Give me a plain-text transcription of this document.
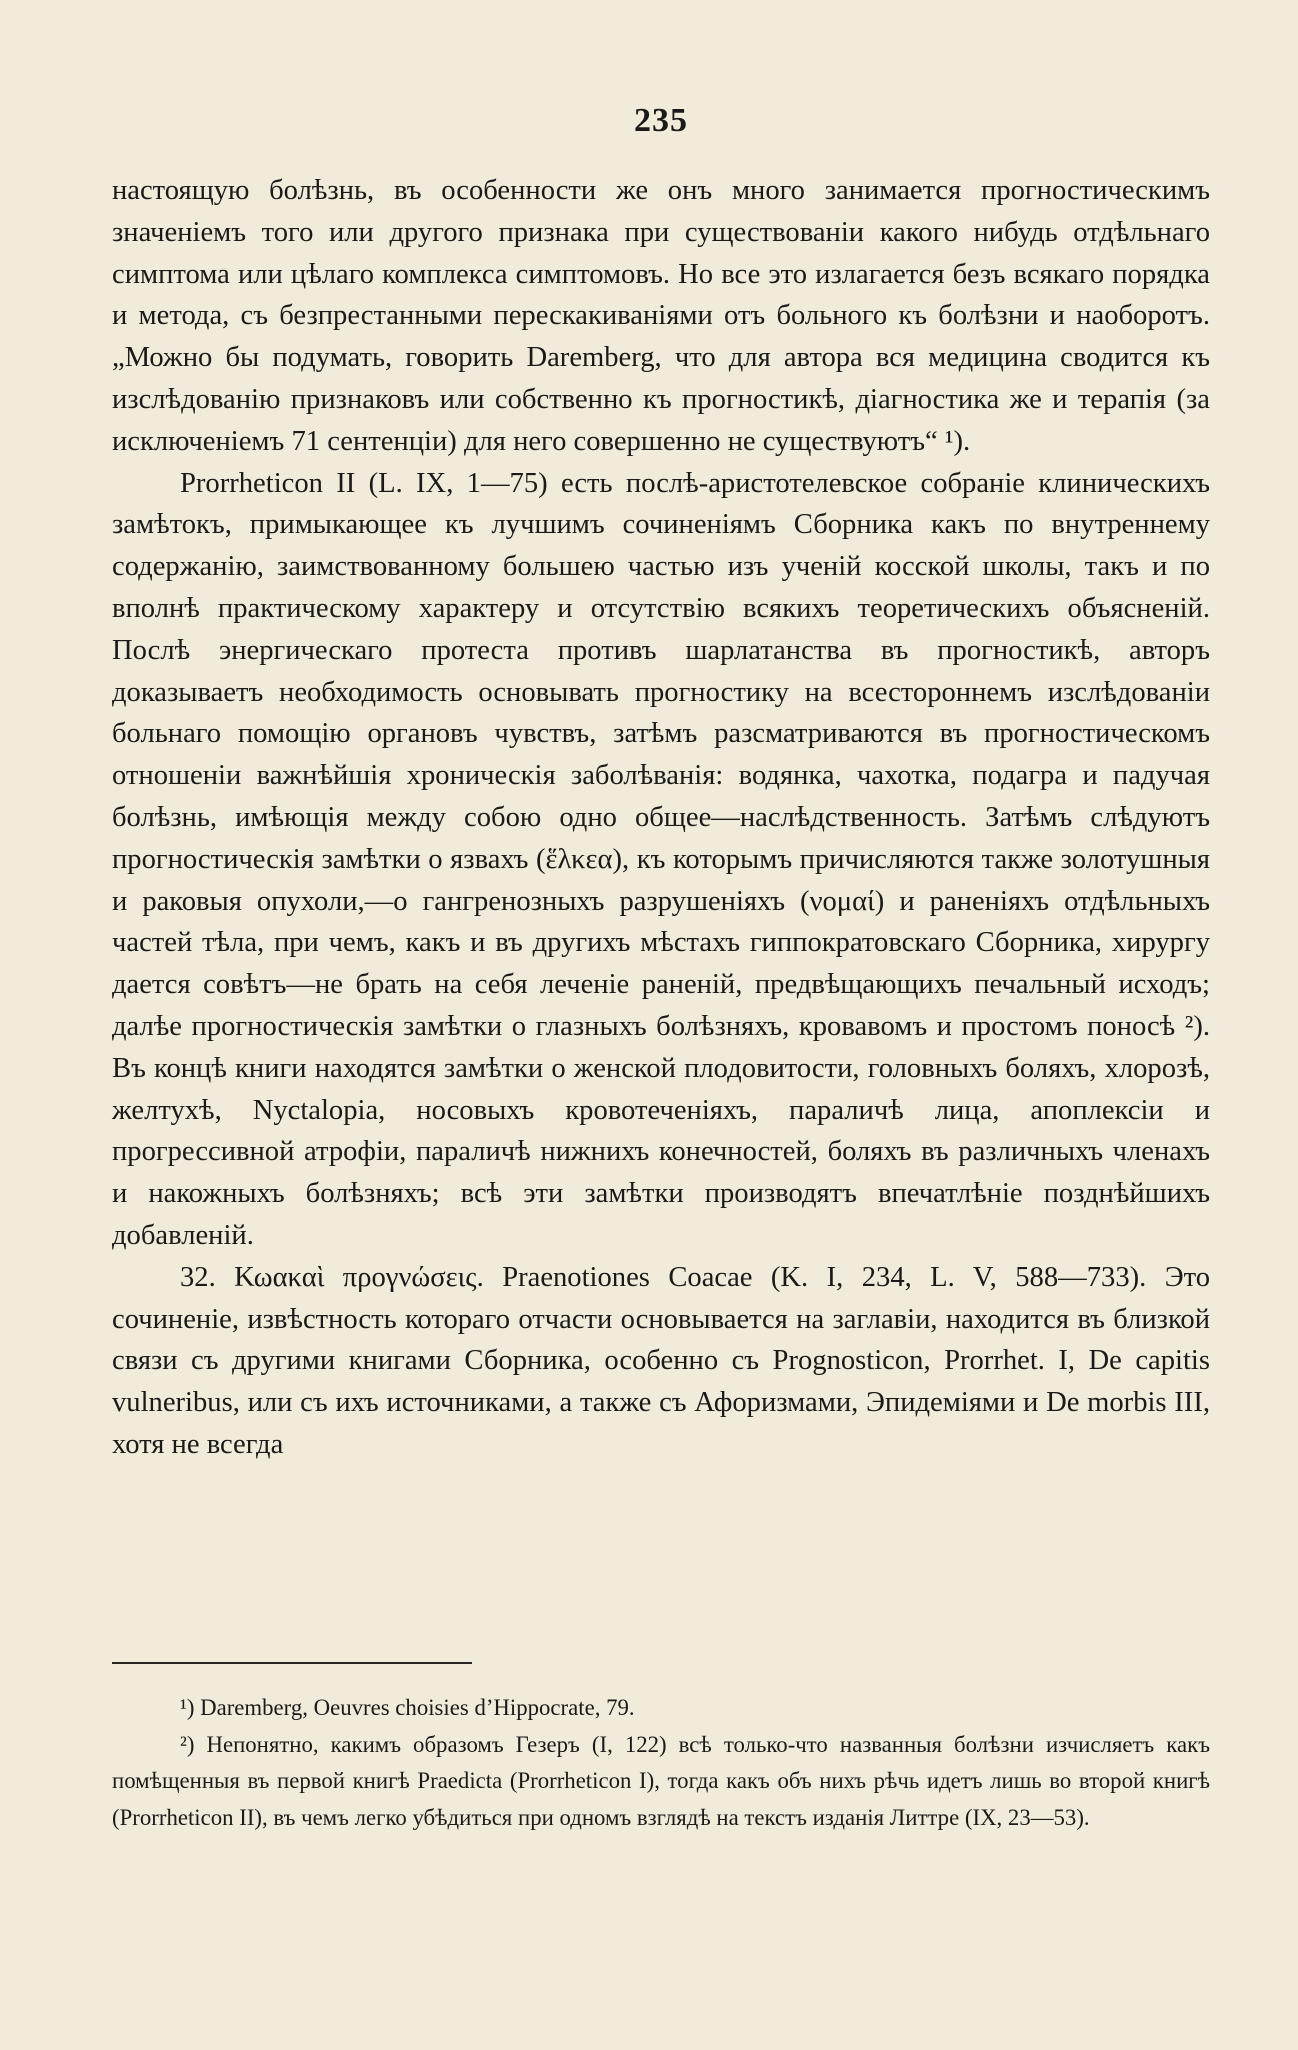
235

настоящую болѣзнь, въ особенности же онъ много занимается прогностическимъ значеніемъ того или другого признака при существованіи какого нибудь отдѣльнаго симптома или цѣлаго комплекса симптомовъ. Но все это излагается безъ всякаго порядка и метода, съ безпрестанными перескакиваніями отъ больного къ болѣзни и наоборотъ. „Можно бы подумать, говорить Daremberg, что для автора вся медицина сводится къ изслѣдованію признаковъ или собственно къ прогностикѣ, діагностика же и терапія (за исключеніемъ 71 сентенціи) для него совершенно не существуютъ“ ¹).

Prorrheticon II (L. IX, 1—75) есть послѣ-аристотелевское собраніе клиническихъ замѣтокъ, примыкающее къ лучшимъ сочиненіямъ Сборника какъ по внутреннему содержанію, заимствованному большею частью изъ ученій косской школы, такъ и по вполнѣ практическому характеру и отсутствію всякихъ теоретическихъ объясненій. Послѣ энергическаго протеста противъ шарлатанства въ прогностикѣ, авторъ доказываетъ необходимость основывать прогностику на всестороннемъ изслѣдованіи больнаго помощію органовъ чувствъ, затѣмъ разсматриваются въ прогностическомъ отношеніи важнѣйшія хроническія заболѣванія: водянка, чахотка, подагра и падучая болѣзнь, имѣющія между собою одно общее—наслѣдственность. Затѣмъ слѣдуютъ прогностическія замѣтки о язвахъ (ἕλκεα), къ которымъ причисляются также золотушныя и раковыя опухоли,—о гангренозныхъ разрушеніяхъ (νομαί) и раненіяхъ отдѣльныхъ частей тѣла, при чемъ, какъ и въ другихъ мѣстахъ гиппократовскаго Сборника, хирургу дается совѣтъ—не брать на себя леченіе раненій, предвѣщающихъ печальный исходъ; далѣе прогностическія замѣтки о глазныхъ болѣзняхъ, кровавомъ и простомъ поносѣ ²). Въ концѣ книги находятся замѣтки о женской плодовитости, головныхъ боляхъ, хлорозѣ, желтухѣ, Nyctalopia, носовыхъ кровотеченіяхъ, параличѣ лица, апоплексіи и прогрессивной атрофіи, параличѣ нижнихъ конечностей, боляхъ въ различныхъ членахъ и накожныхъ болѣзняхъ; всѣ эти замѣтки производятъ впечатлѣніе позднѣйшихъ добавленій.

32. Κωακαὶ προγνώσεις. Praenotiones Coacae (K. I, 234, L. V, 588—733). Это сочиненіе, извѣстность котораго отчасти основывается на заглавіи, находится въ близкой связи съ другими книгами Сборника, особенно съ Prognosticon, Prorrhet. I, De capitis vulneribus, или съ ихъ источниками, а также съ Афоризмами, Эпидеміями и De morbis III, хотя не всегда

¹) Daremberg, Oeuvres choisies d’Hippocrate, 79.

²) Непонятно, какимъ образомъ Гезеръ (I, 122) всѣ только-что названныя болѣзни изчисляетъ какъ помѣщенныя въ первой книгѣ Praedicta (Prorrheticon I), тогда какъ объ нихъ рѣчь идетъ лишь во второй книгѣ (Prorrheticon II), въ чемъ легко убѣдиться при одномъ взглядѣ на текстъ изданія Литтре (IX, 23—53).
